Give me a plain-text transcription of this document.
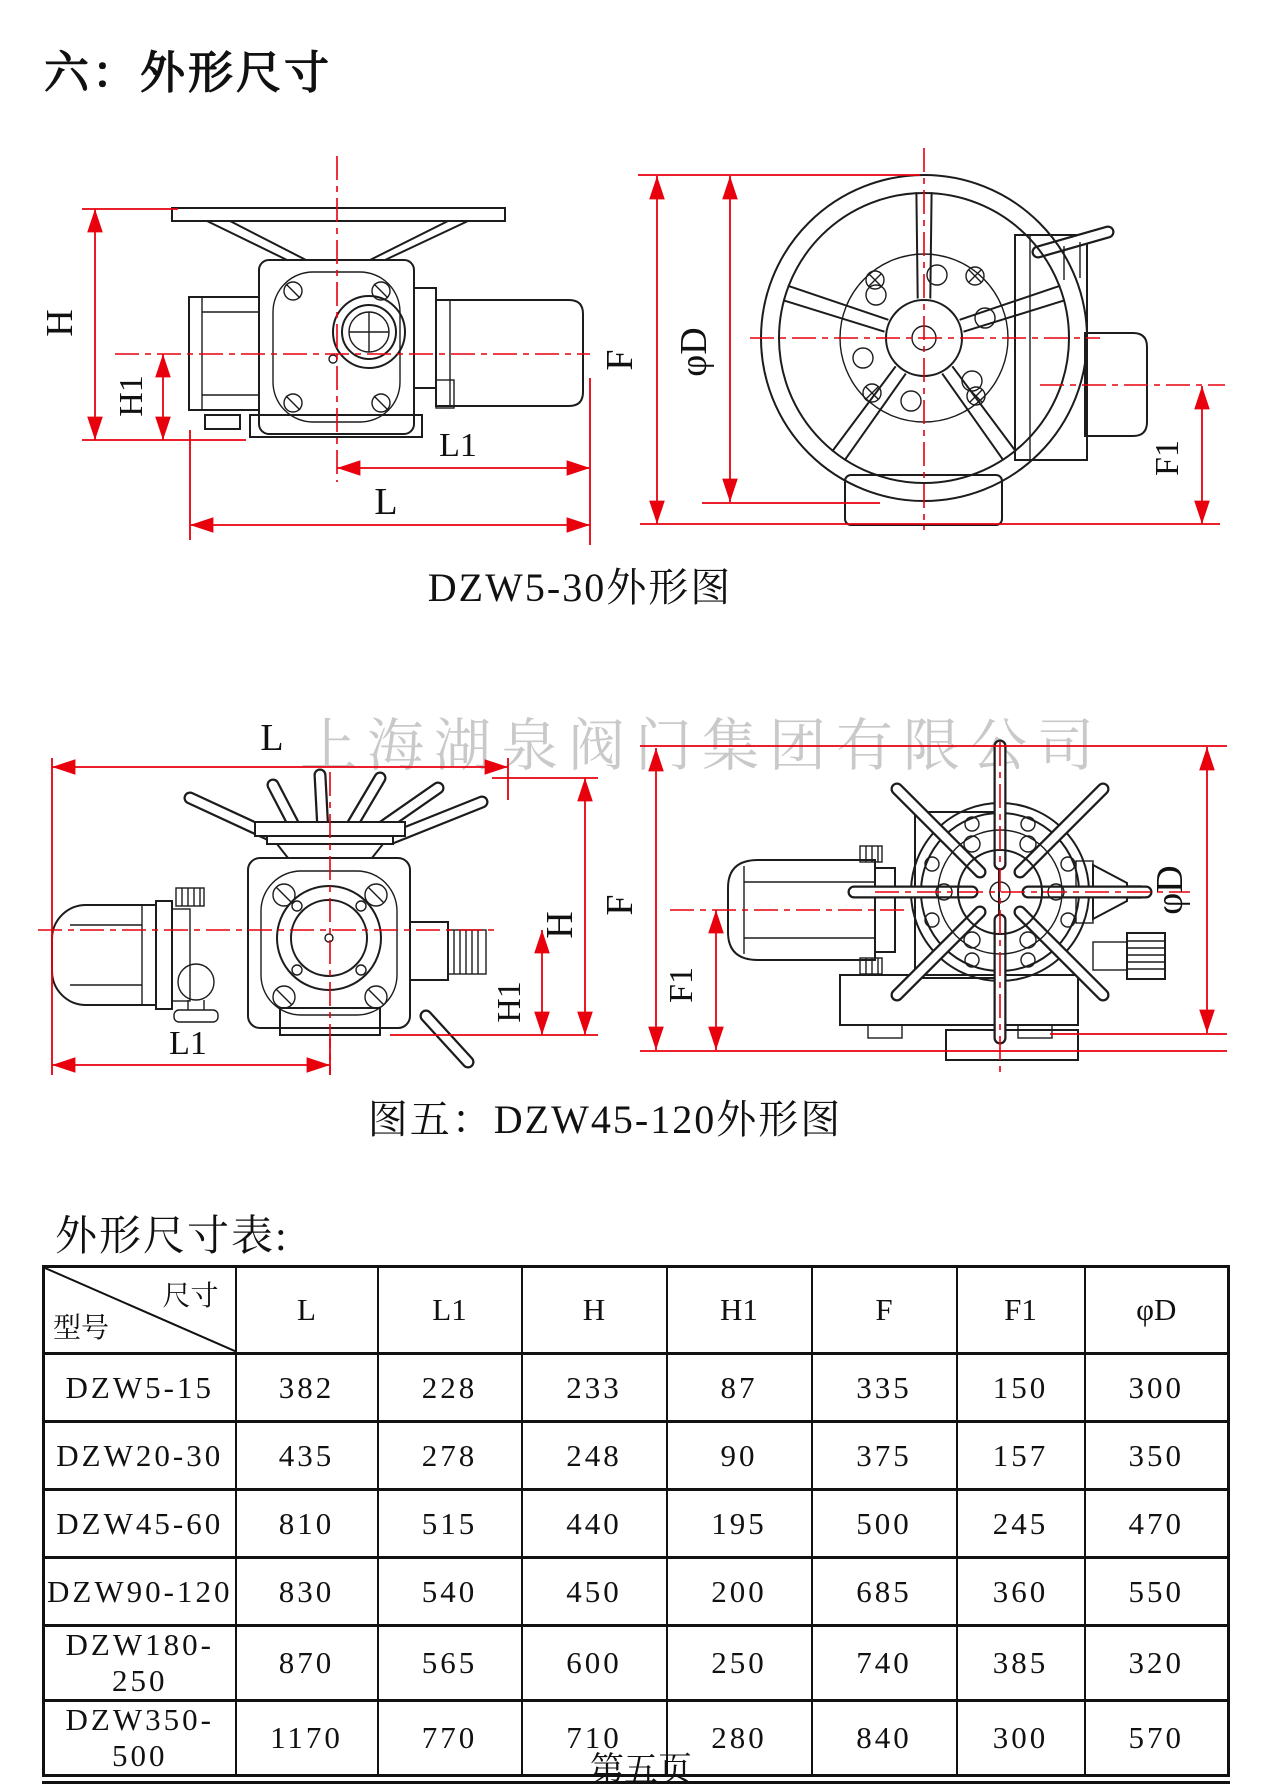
六：外形尺寸
上海湖泉阀门集团有限公司
H
H1
L1
L
F φD
F1
DZW5-30外形图
L
H
H1
L1
F
F1
φD
图五：DZW45-120外形图
外形尺寸表:
尺寸
型号	L	L1	H	H1	F	F1	φD
DZW5-15	382	228	233	87	335	150	300
DZW20-30	435	278	248	90	375	157	350
DZW45-60	810	515	440	195	500	245	470
DZW90-120	830	540	450	200	685	360	550
DZW180-250	870	565	600	250	740	385	320
DZW350-500	1170	770	710	280	840	300	570
第五页
